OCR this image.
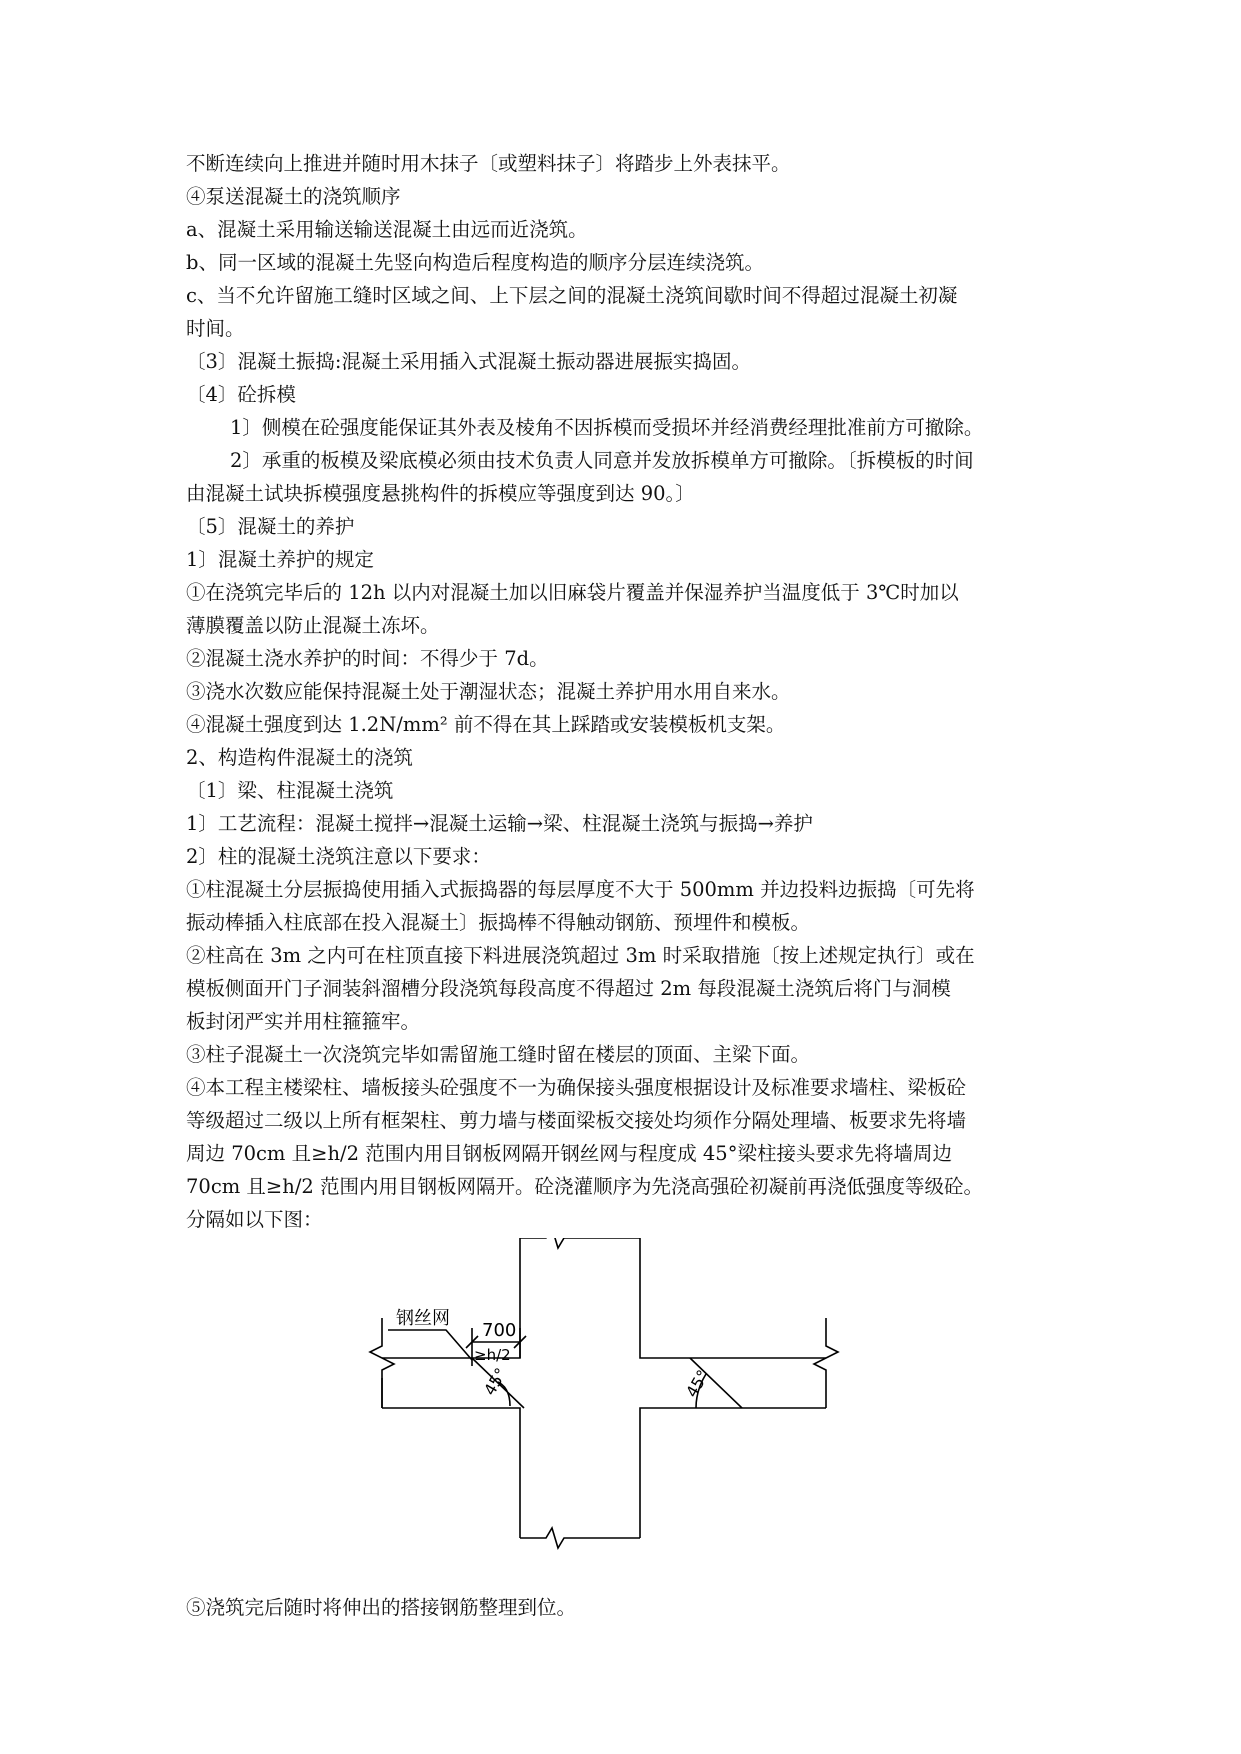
不断连续向上推进并随时用木抹子〔或塑料抹子〕将踏步上外表抹平。
④泵送混凝土的浇筑顺序
a、混凝土采用输送输送混凝土由远而近浇筑。
b、同一区域的混凝土先竖向构造后程度构造的顺序分层连续浇筑。
c、当不允许留施工缝时区域之间、上下层之间的混凝土浇筑间歇时间不得超过混凝土初凝
时间。
〔3〕混凝土振捣:混凝土采用插入式混凝土振动器进展振实捣固。
〔4〕砼拆模
1〕侧模在砼强度能保证其外表及棱角不因拆模而受损坏并经消费经理批准前方可撤除。
2〕承重的板模及梁底模必须由技术负责人同意并发放拆模单方可撤除。〔拆模板的时间
由混凝土试块拆模强度悬挑构件的拆模应等强度到达 90。〕
〔5〕混凝土的养护
1〕混凝土养护的规定
①在浇筑完毕后的 12h 以内对混凝土加以旧麻袋片覆盖并保湿养护当温度低于 3℃时加以
薄膜覆盖以防止混凝土冻坏。
②混凝土浇水养护的时间：不得少于 7d。
③浇水次数应能保持混凝土处于潮湿状态；混凝土养护用水用自来水。
④混凝土强度到达 1.2N/mm² 前不得在其上踩踏或安装模板机支架。
2、构造构件混凝土的浇筑
〔1〕梁、柱混凝土浇筑
1〕工艺流程：混凝土搅拌→混凝土运输→梁、柱混凝土浇筑与振捣→养护
2〕柱的混凝土浇筑注意以下要求：
①柱混凝土分层振捣使用插入式振捣器的每层厚度不大于 500mm 并边投料边振捣〔可先将
振动棒插入柱底部在投入混凝土〕振捣棒不得触动钢筋、预埋件和模板。
②柱高在 3m 之内可在柱顶直接下料进展浇筑超过 3m 时采取措施〔按上述规定执行〕或在
模板侧面开门子洞装斜溜槽分段浇筑每段高度不得超过 2m 每段混凝土浇筑后将门与洞模
板封闭严实并用柱箍箍牢。
③柱子混凝土一次浇筑完毕如需留施工缝时留在楼层的顶面、主梁下面。
④本工程主楼梁柱、墙板接头砼强度不一为确保接头强度根据设计及标准要求墙柱、梁板砼
等级超过二级以上所有框架柱、剪力墙与楼面梁板交接处均须作分隔处理墙、板要求先将墙
周边 70cm 且≥h/2 范围内用目钢板网隔开钢丝网与程度成 45°梁柱接头要求先将墙周边
70cm 且≥h/2 范围内用目钢板网隔开。砼浇灌顺序为先浇高强砼初凝前再浇低强度等级砼。
分隔如以下图：
钢丝网
700
≥h/2
45°	45°
⑤浇筑完后随时将伸出的搭接钢筋整理到位。
